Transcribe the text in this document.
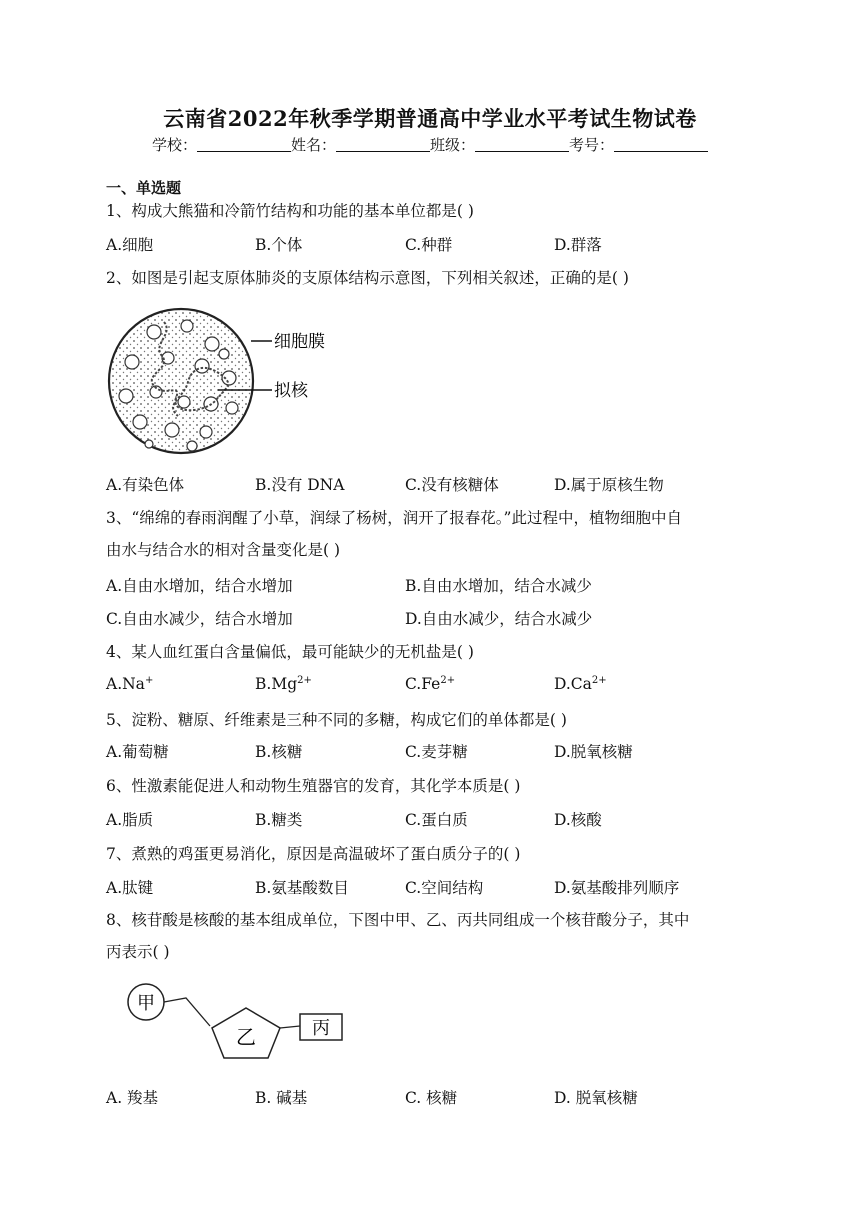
云南省2022年秋季学期普通高中学业水平考试生物试卷
学校：	姓名：	班级：	考号：
一、单选题
1、构成大熊猫和冷箭竹结构和功能的基本单位都是( )
A.细胞	B.个体	C.种群	D.群落
2、如图是引起支原体肺炎的支原体结构示意图，下列相关叙述，正确的是( )
细胞膜
拟核
A.有染色体	B.没有 DNA	C.没有核糖体	D.属于原核生物
3、“绵绵的春雨润醒了小草，润绿了杨树，润开了报春花。”此过程中，植物细胞中自
由水与结合水的相对含量变化是( )
A.自由水增加，结合水增加	B.自由水增加，结合水减少
C.自由水减少，结合水增加	D.自由水减少，结合水减少
4、某人血红蛋白含量偏低，最可能缺少的无机盐是( )
A.Na+	$B.Mg^{2+}$	$C.Fe^{2+}$	$D.Ca^{2+}$
5、淀粉、糖原、纤维素是三种不同的多糖，构成它们的单体都是( )
A.葡萄糖	B.核糖	C.麦芽糖	D.脱氧核糖
6、性激素能促进人和动物生殖器官的发育，其化学本质是( )
A.脂质	B.糖类	C.蛋白质	D.核酸
7、煮熟的鸡蛋更易消化，原因是高温破坏了蛋白质分子的( )
A.肽键	B.氨基酸数目	C.空间结构	D.氨基酸排列顺序
8、核苷酸是核酸的基本组成单位，下图中甲、乙、丙共同组成一个核苷酸分子，其中
丙表示( )
甲
乙	丙
A. 羧基	B. 碱基	C. 核糖	D. 脱氧核糖
